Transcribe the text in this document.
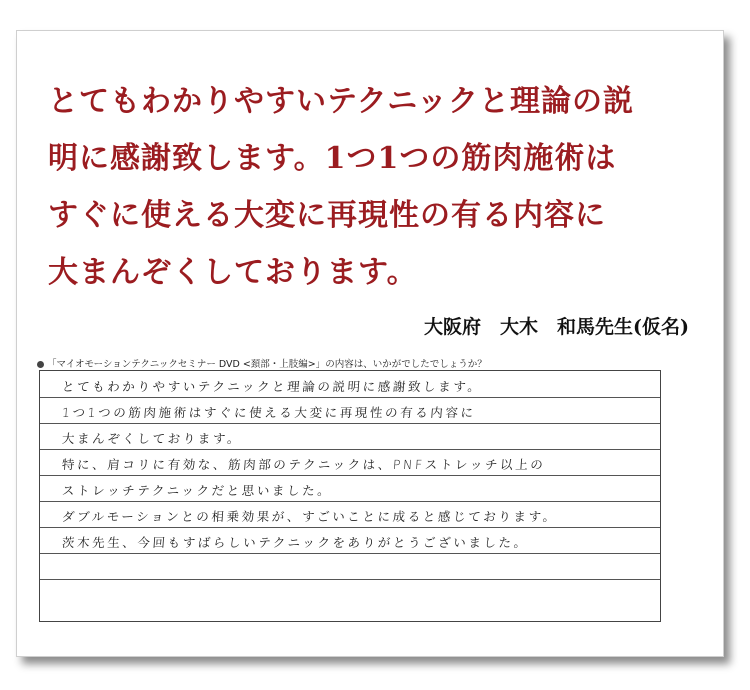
とてもわかりやすいテクニックと理論の説
明に感謝致します。1つ1つの筋肉施術は
すぐに使える大変に再現性の有る内容に
大まんぞくしております。
大阪府　大木　和馬先生(仮名)
「マイオモーションテクニックセミナー DVD <頚部・上肢編>」の内容は、いかがでしたでしょうか？
とてもわかりやすいテクニックと理論の説明に感謝致します。
1つ1つの筋肉施術はすぐに使える大変に再現性の有る内容に
大まんぞくしております。
特に、肩コリに有効な、筋肉部のテクニックは、PNFストレッチ以上の
ストレッチテクニックだと思いました。
ダブルモーションとの相乗効果が、すごいことに成ると感じております。
茨木先生、今回もすばらしいテクニックをありがとうございました。
